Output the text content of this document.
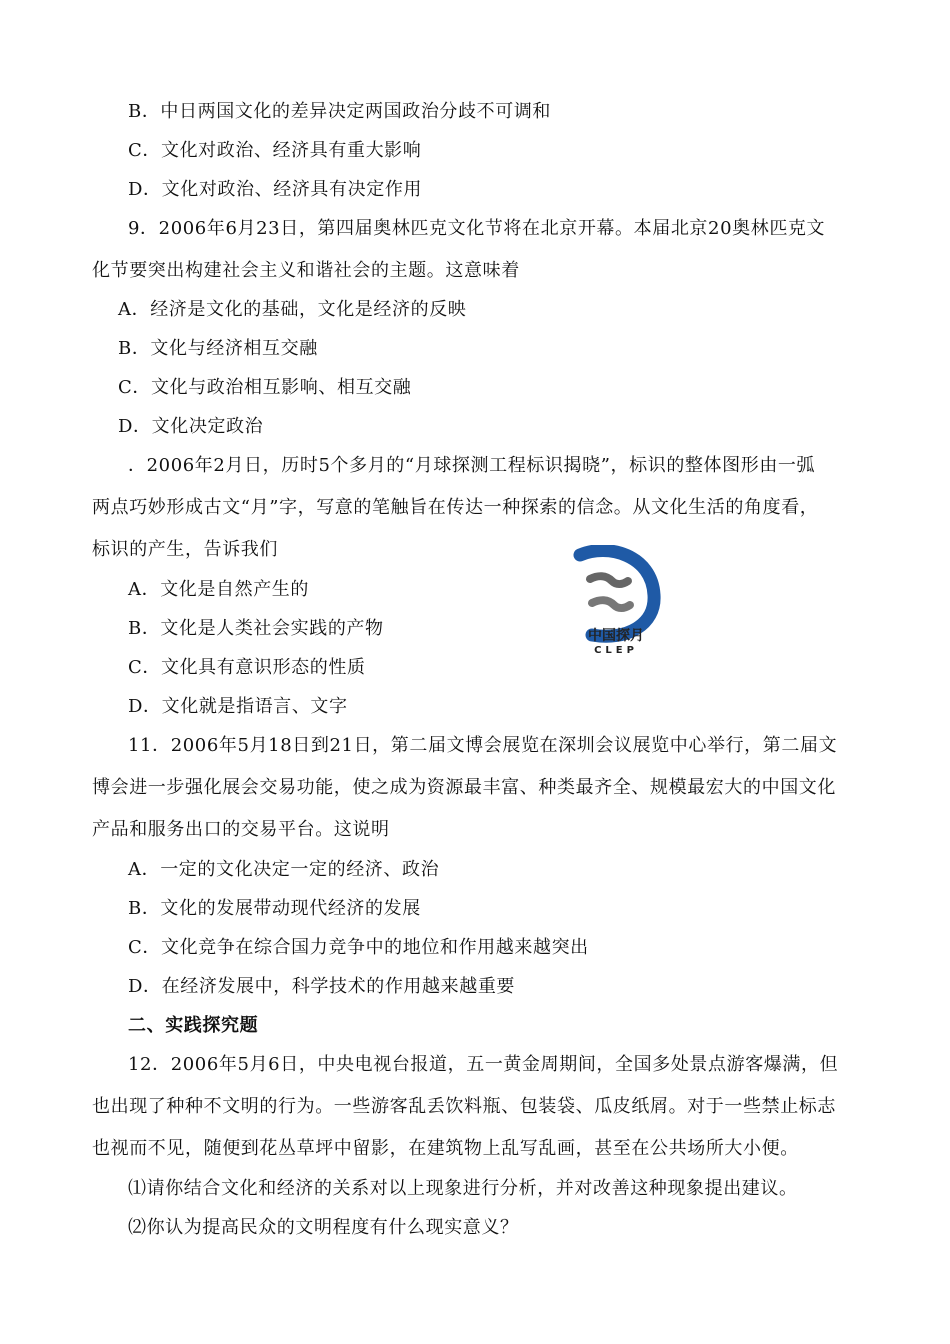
B．中日两国文化的差异决定两国政治分歧不可调和
C．文化对政治、经济具有重大影响
D．文化对政治、经济具有决定作用
9．2006年6月23日，第四届奥林匹克文化节将在北京开幕。本届北京20奥林匹克文
化节要突出构建社会主义和谐社会的主题。这意味着
A．经济是文化的基础，文化是经济的反映
B．文化与经济相互交融
C．文化与政治相互影响、相互交融
D．文化决定政治
．2006年2月日，历时5个多月的“月球探测工程标识揭晓”，标识的整体图形由一弧
两点巧妙形成古文“月”字，写意的笔触旨在传达一种探索的信念。从文化生活的角度看，
标识的产生，告诉我们
A．文化是自然产生的
B．文化是人类社会实践的产物
C．文化具有意识形态的性质
D．文化就是指语言、文字
中国探月
CLEP
11．2006年5月18日到21日，第二届文博会展览在深圳会议展览中心举行，第二届文
博会进一步强化展会交易功能，使之成为资源最丰富、种类最齐全、规模最宏大的中国文化
产品和服务出口的交易平台。这说明
A．一定的文化决定一定的经济、政治
B．文化的发展带动现代经济的发展
C．文化竞争在综合国力竞争中的地位和作用越来越突出
D．在经济发展中，科学技术的作用越来越重要
二、实践探究题
12．2006年5月6日，中央电视台报道，五一黄金周期间，全国多处景点游客爆满，但
也出现了种种不文明的行为。一些游客乱丢饮料瓶、包装袋、瓜皮纸屑。对于一些禁止标志
也视而不见，随便到花丛草坪中留影，在建筑物上乱写乱画，甚至在公共场所大小便。
⑴请你结合文化和经济的关系对以上现象进行分析，并对改善这种现象提出建议。
⑵你认为提高民众的文明程度有什么现实意义？
